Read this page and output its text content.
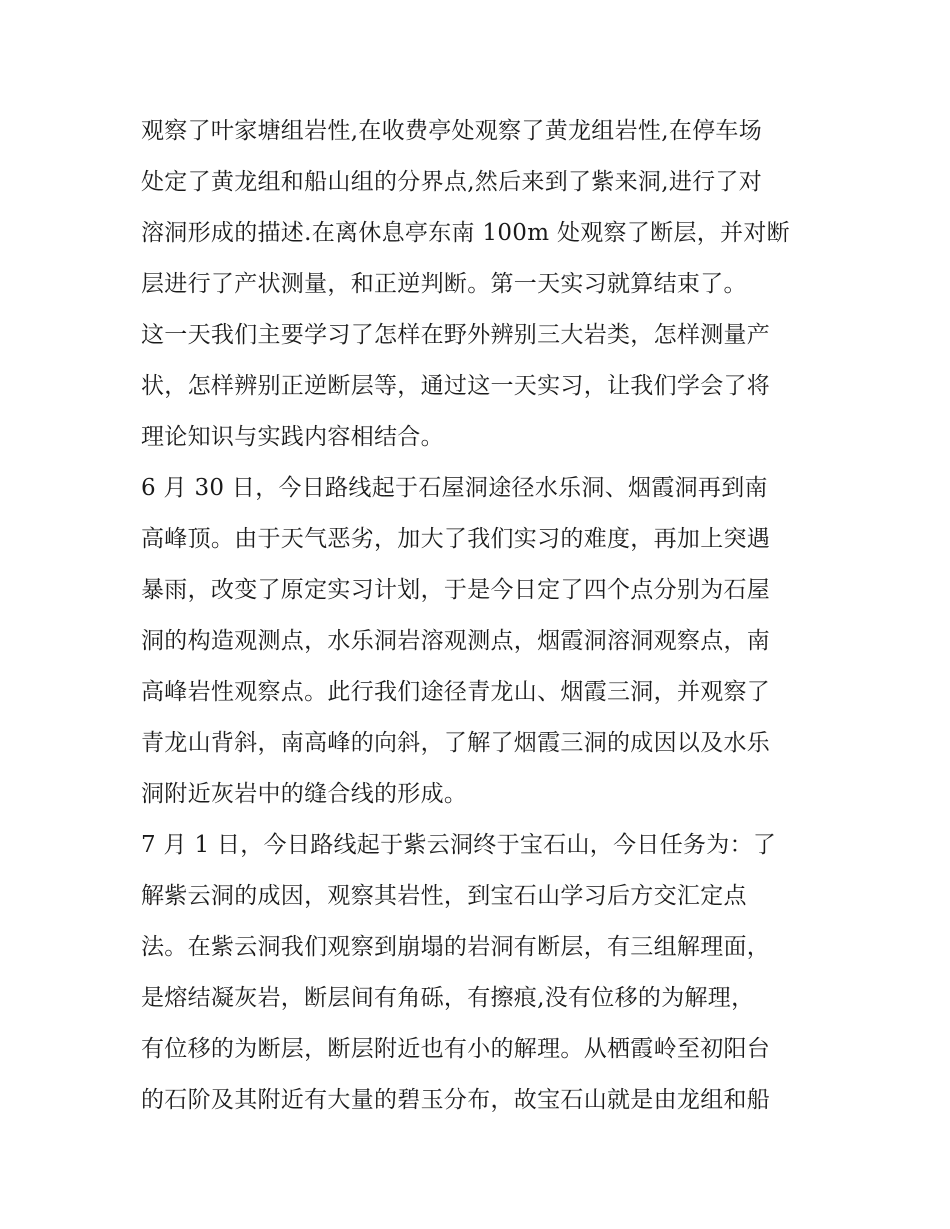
观察了叶家塘组岩性,在收费亭处观察了黄龙组岩性,在停车场
处定了黄龙组和船山组的分界点,然后来到了紫来洞,进行了对
溶洞形成的描述.在离休息亭东南 100m 处观察了断层，并对断
层进行了产状测量，和正逆判断。第一天实习就算结束了。
这一天我们主要学习了怎样在野外辨别三大岩类，怎样测量产
状，怎样辨别正逆断层等，通过这一天实习，让我们学会了将
理论知识与实践内容相结合。
6 月 30 日，今日路线起于石屋洞途径水乐洞、烟霞洞再到南
高峰顶。由于天气恶劣，加大了我们实习的难度，再加上突遇
暴雨，改变了原定实习计划，于是今日定了四个点分别为石屋
洞的构造观测点，水乐洞岩溶观测点，烟霞洞溶洞观察点，南
高峰岩性观察点。此行我们途径青龙山、烟霞三洞，并观察了
青龙山背斜，南高峰的向斜，了解了烟霞三洞的成因以及水乐
洞附近灰岩中的缝合线的形成。
7 月 1 日，今日路线起于紫云洞终于宝石山，今日任务为：了
解紫云洞的成因，观察其岩性，到宝石山学习后方交汇定点
法。在紫云洞我们观察到崩塌的岩洞有断层，有三组解理面，
是熔结凝灰岩，断层间有角砾，有擦痕,没有位移的为解理，
有位移的为断层，断层附近也有小的解理。从栖霞岭至初阳台
的石阶及其附近有大量的碧玉分布，故宝石山就是由龙组和船
